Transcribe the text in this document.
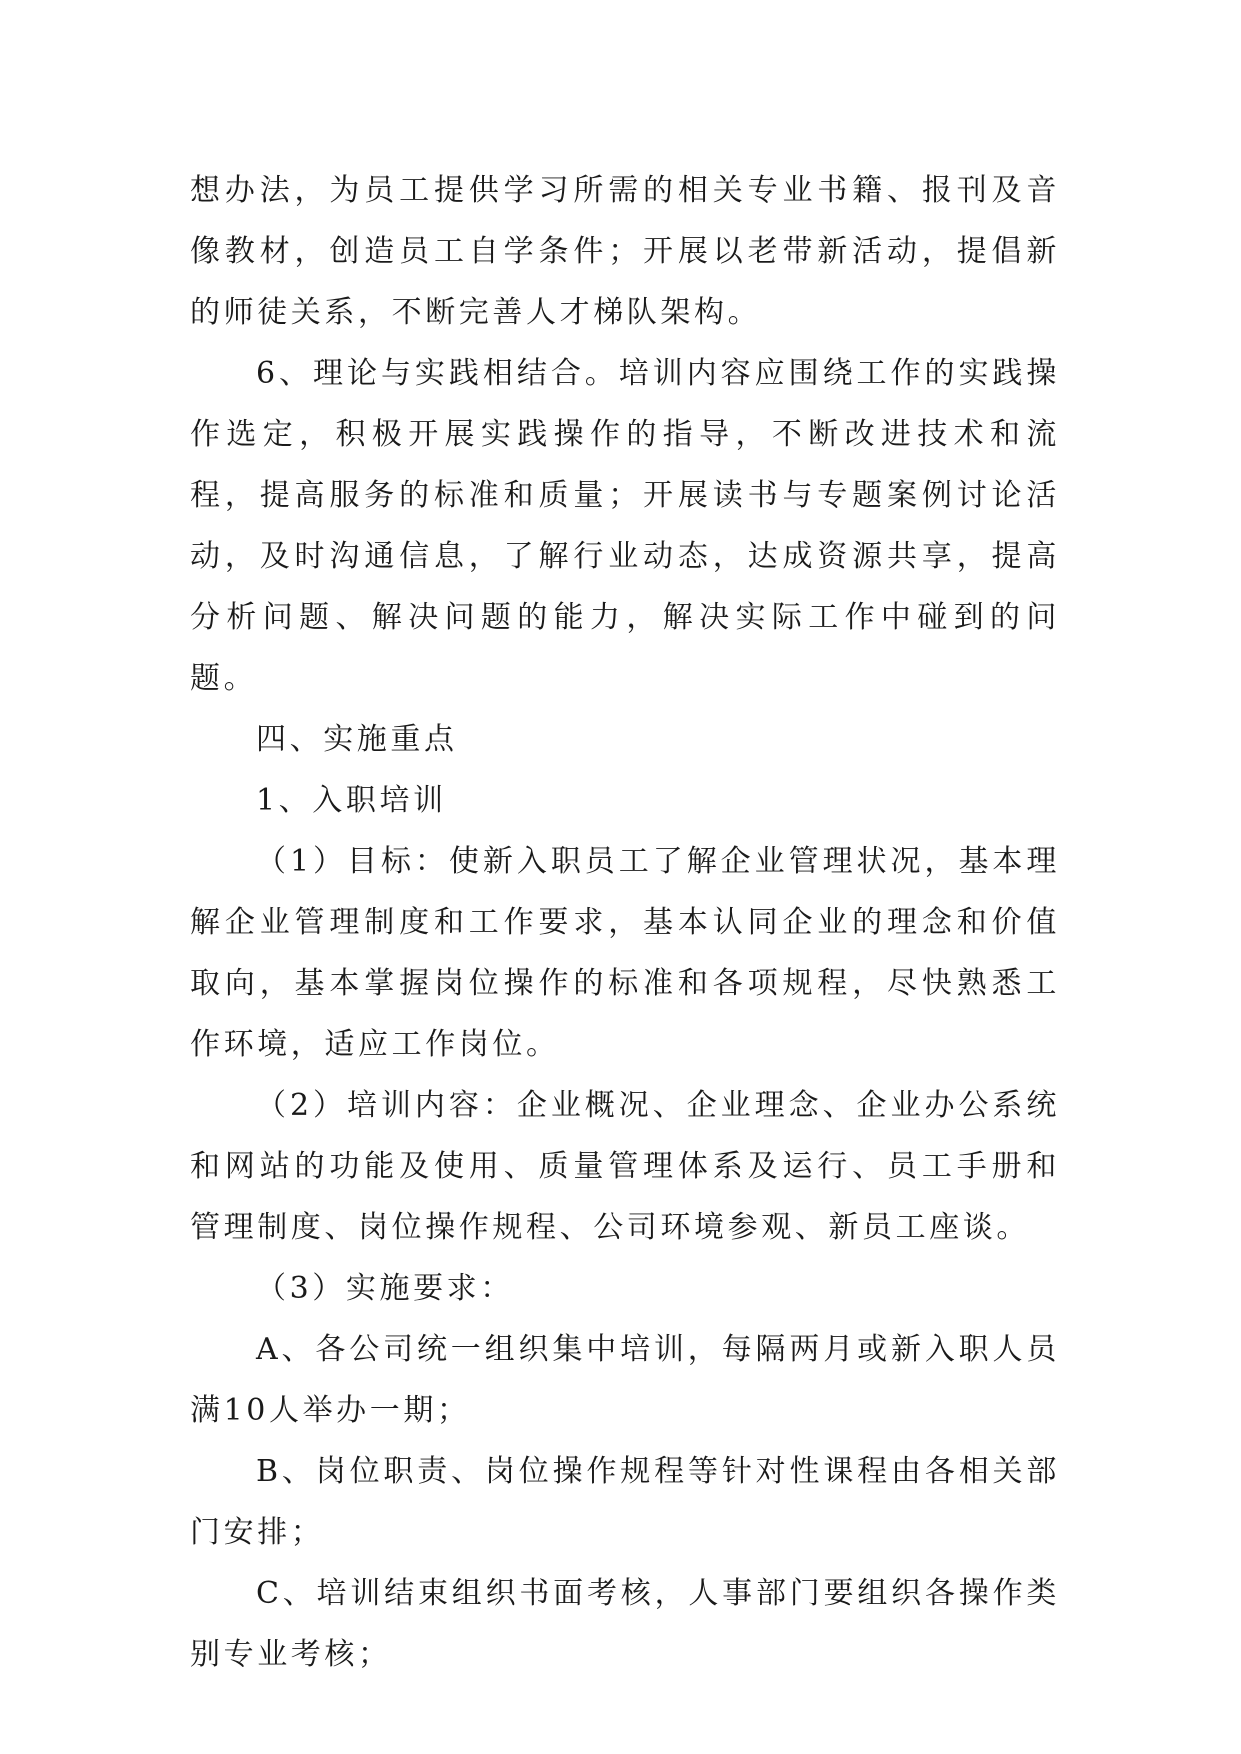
想办法，为员工提供学习所需的相关专业书籍、报刊及音像教材，创造员工自学条件；开展以老带新活动，提倡新的师徒关系，不断完善人才梯队架构。

6、理论与实践相结合。培训内容应围绕工作的实践操作选定，积极开展实践操作的指导，不断改进技术和流程，提高服务的标准和质量；开展读书与专题案例讨论活动，及时沟通信息，了解行业动态，达成资源共享，提高分析问题、解决问题的能力，解决实际工作中碰到的问题。

四、实施重点

1、入职培训

（1）目标：使新入职员工了解企业管理状况，基本理解企业管理制度和工作要求，基本认同企业的理念和价值取向，基本掌握岗位操作的标准和各项规程，尽快熟悉工作环境，适应工作岗位。

（2）培训内容：企业概况、企业理念、企业办公系统和网站的功能及使用、质量管理体系及运行、员工手册和管理制度、岗位操作规程、公司环境参观、新员工座谈。

（3）实施要求：

A、各公司统一组织集中培训，每隔两月或新入职人员满10人举办一期；

B、岗位职责、岗位操作规程等针对性课程由各相关部门安排；

C、培训结束组织书面考核，人事部门要组织各操作类别专业考核；
